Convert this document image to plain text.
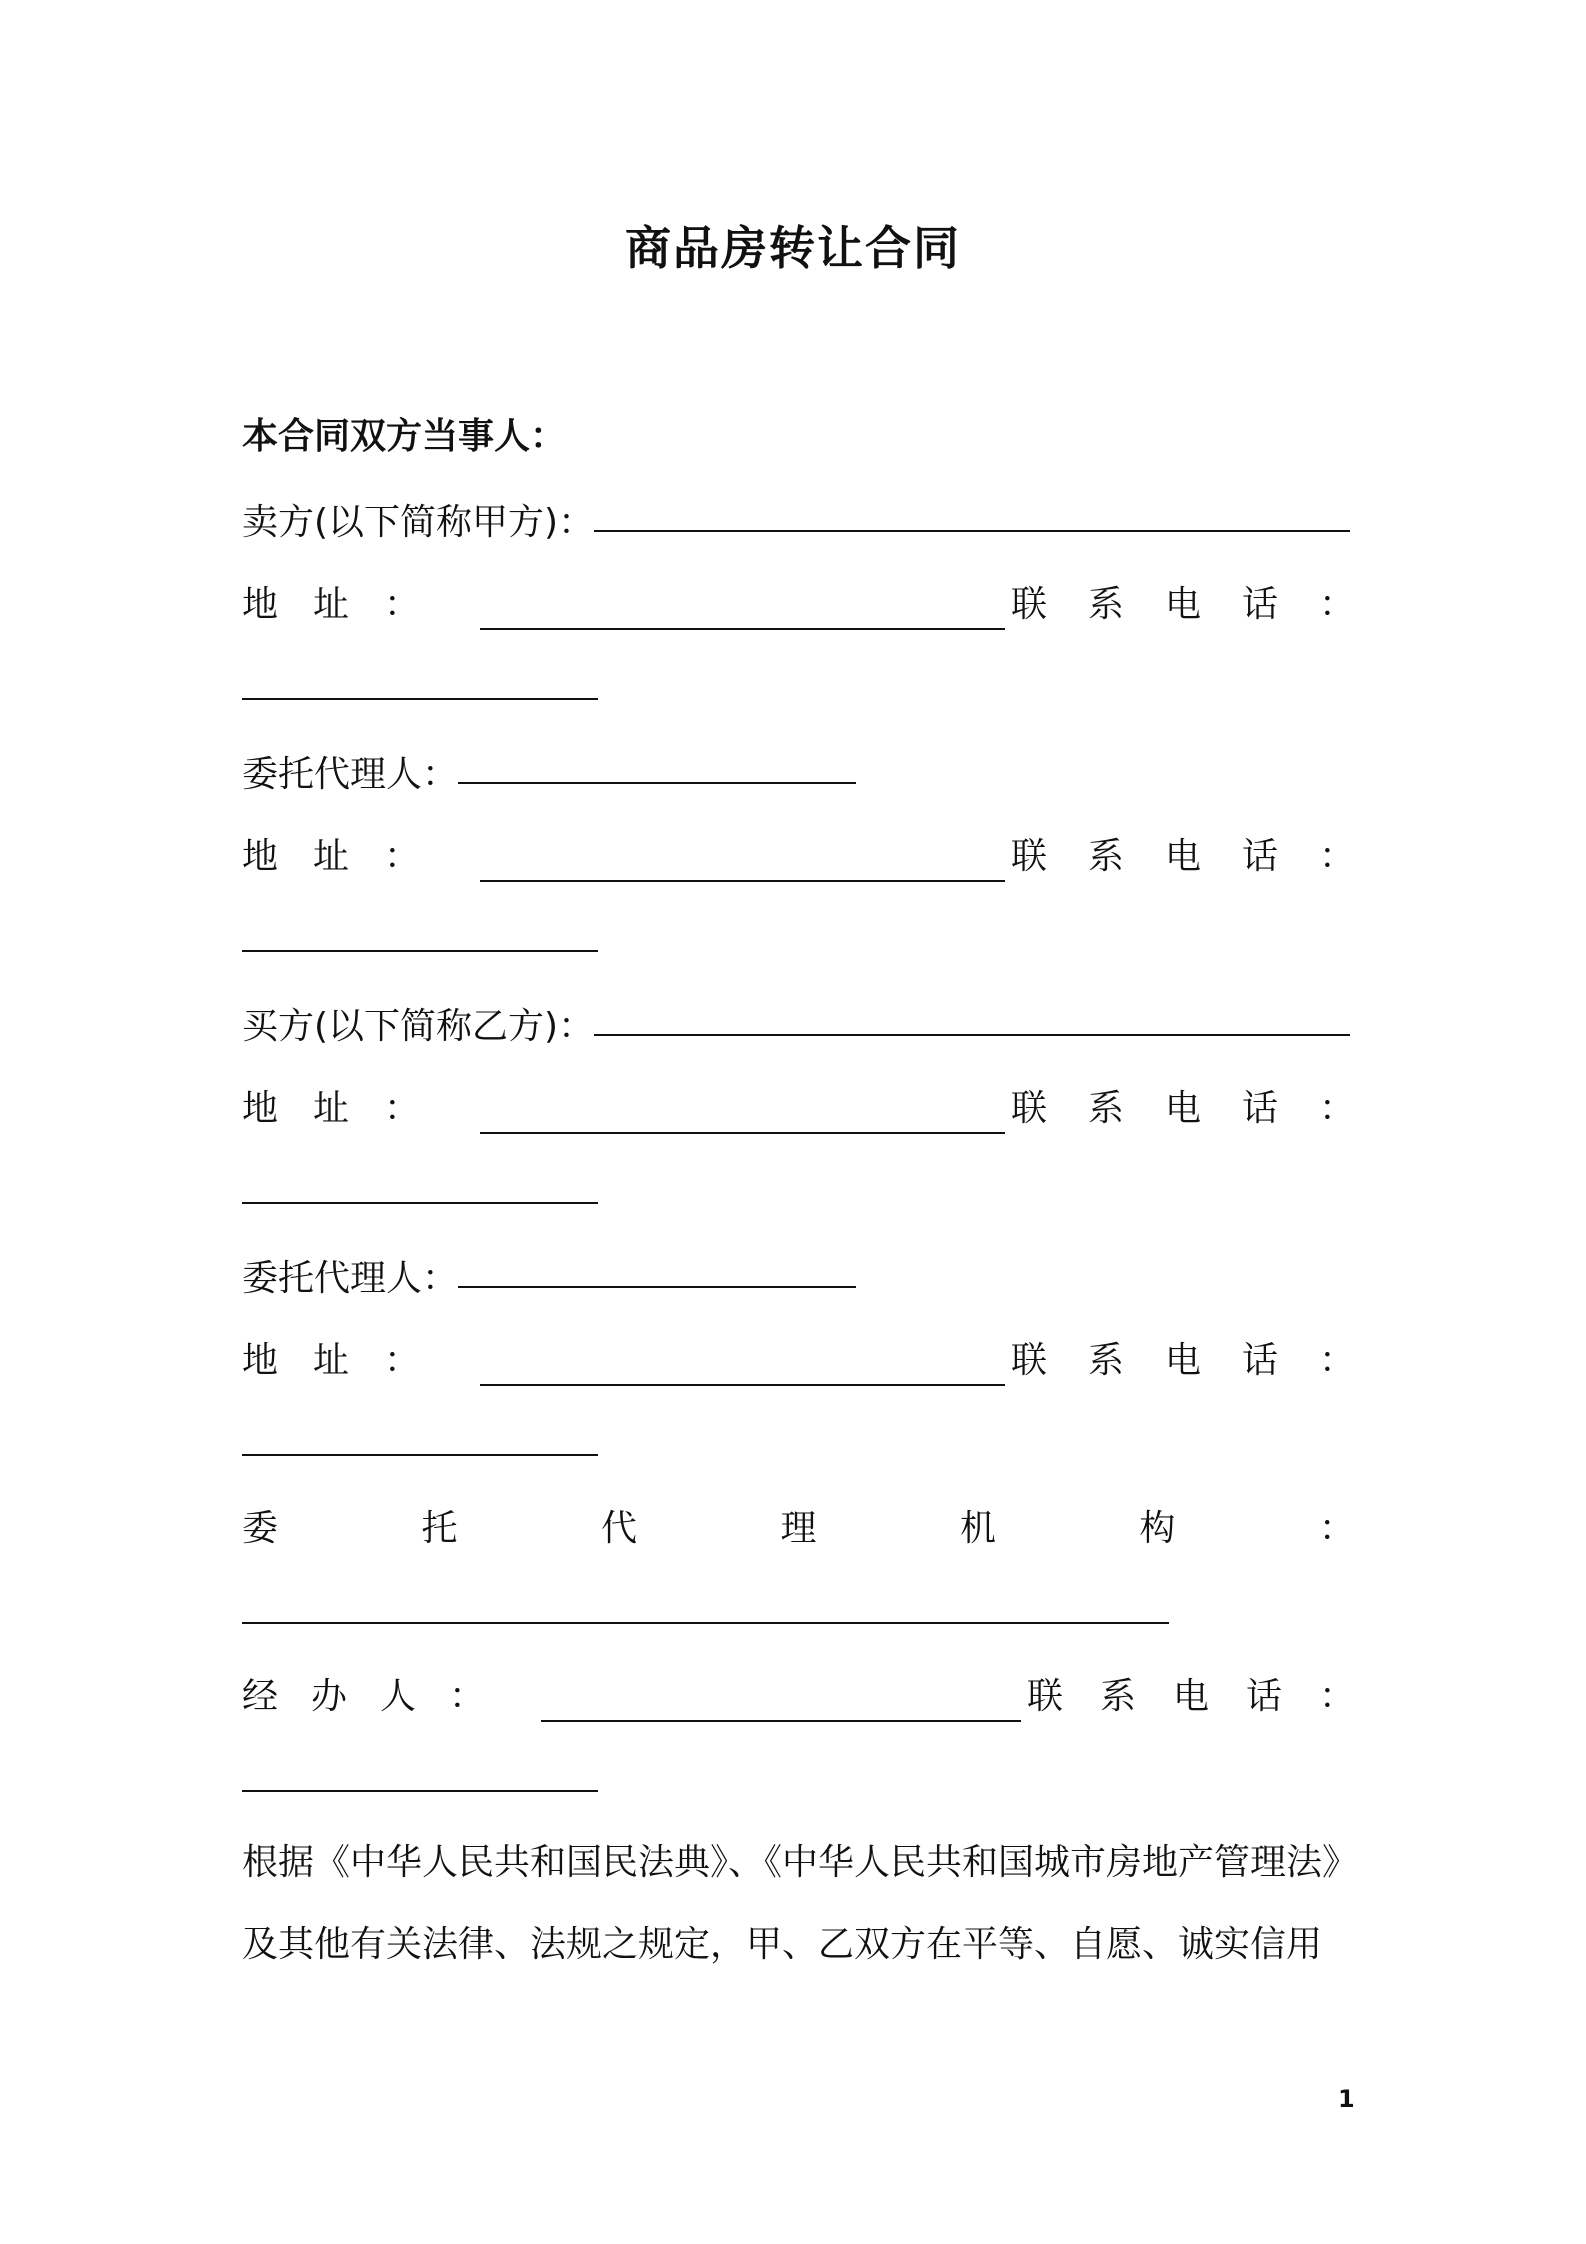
商品房转让合同
本合同双方当事人：
卖方(以下简称甲方)：
地 址 ：	联 系 电 话 ：
委托代理人：
地 址 ：	联 系 电 话 ：
买方(以下简称乙方)：
地 址 ：	联 系 电 话 ：
委托代理人：
地 址 ：	联 系 电 话 ：
委	托	代	理	机	构	：
经 办 人 ：	联 系 电 话 ：
根据《中华人民共和国民法典》、《中华人民共和国城市房地产管理法》
及其他有关法律、法规之规定，甲、乙双方在平等、自愿、诚实信用
1
